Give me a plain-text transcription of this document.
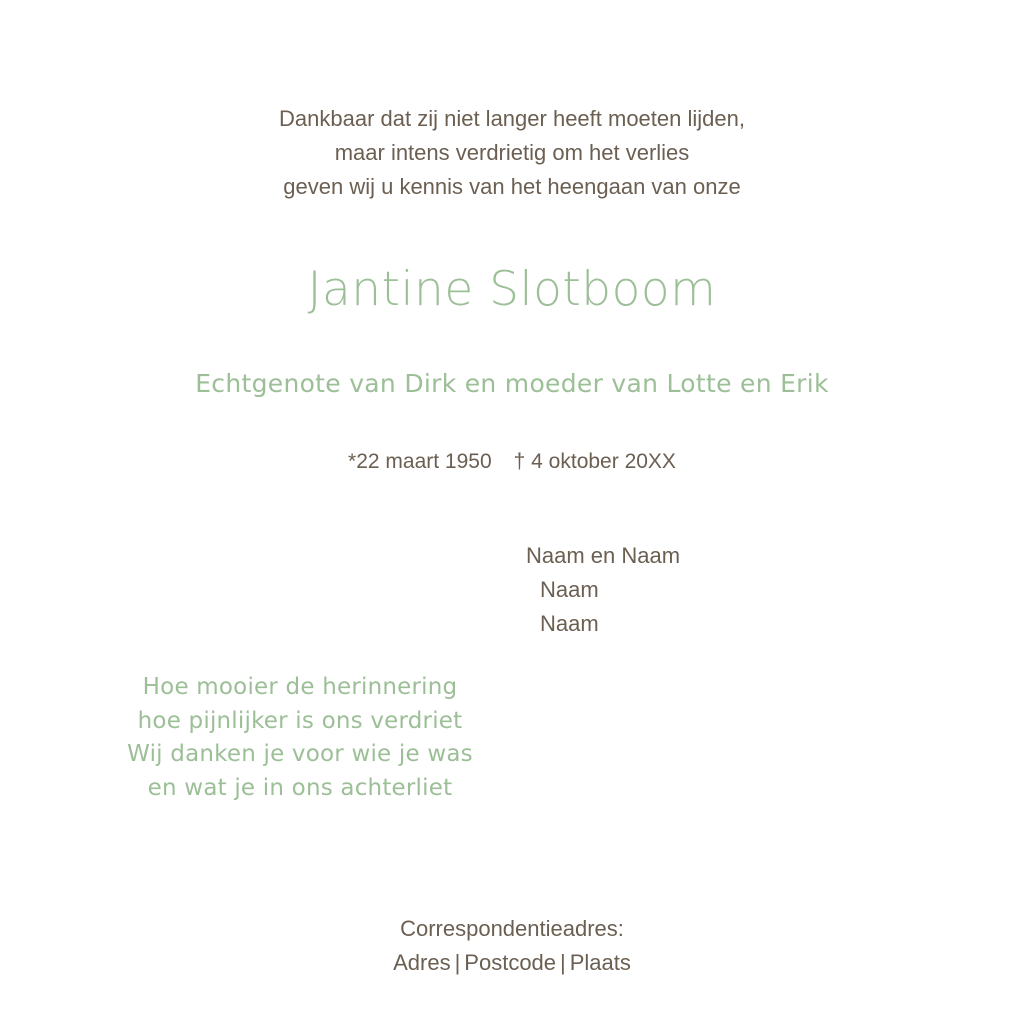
Dankbaar dat zij niet langer heeft moeten lijden,
maar intens verdrietig om het verlies
geven wij u kennis van het heengaan van onze
Jantine Slotboom
Echtgenote van Dirk en moeder van Lotte en Erik
*22 maart 1950 † 4 oktober 20XX
Naam en Naam
Naam
Naam
Hoe mooier de herinnering
hoe pijnlijker is ons verdriet
Wij danken je voor wie je was
en wat je in ons achterliet
Correspondentieadres:
Adres | Postcode | Plaats
